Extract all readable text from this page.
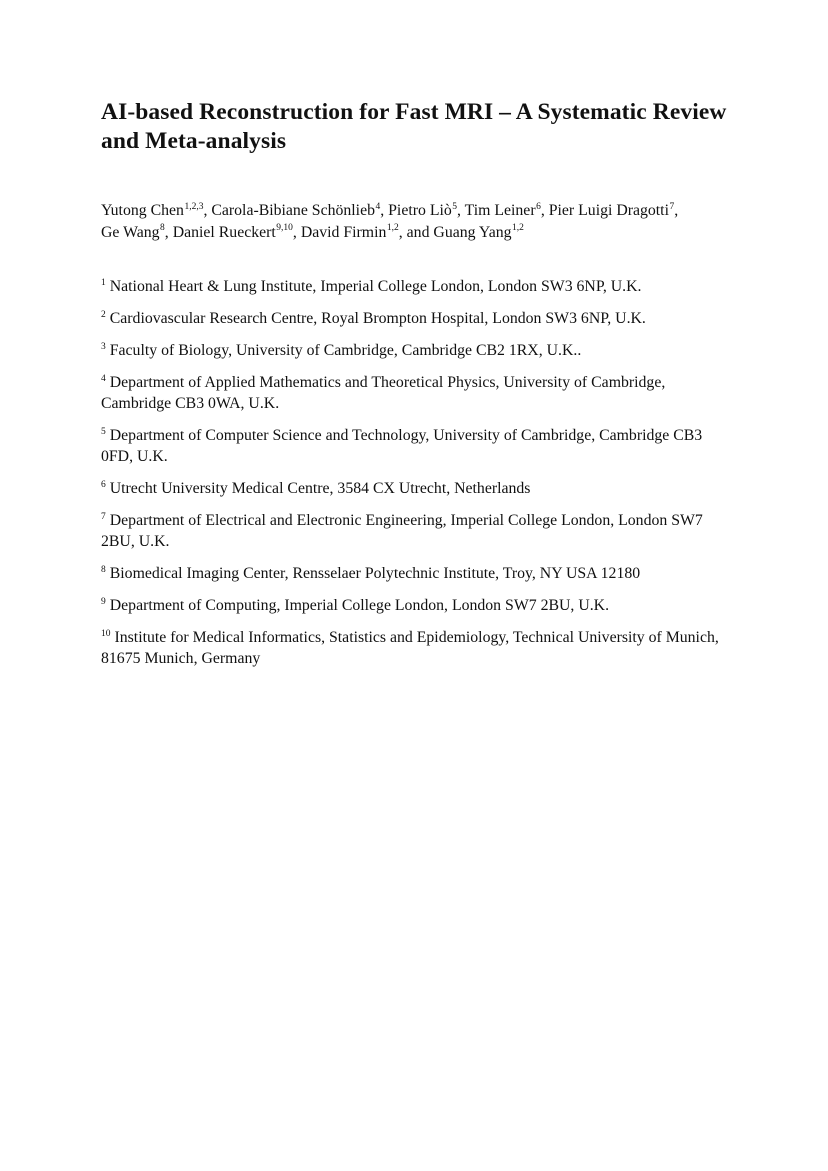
AI-based Reconstruction for Fast MRI – A Systematic Review and Meta-analysis

Yutong Chen$^{1,2,3}$, Carola-Bibiane Schönlieb$^4$, Pietro Liò$^5$, Tim Leiner$^6$, Pier Luigi Dragotti$^7$,
Ge Wang$^8$, Daniel Rueckert$^{9,10}$, David Firmin$^{1,2}$, and Guang Yang$^{1,2}$

$^1$ National Heart & Lung Institute, Imperial College London, London SW3 6NP, U.K.

$^2$ Cardiovascular Research Centre, Royal Brompton Hospital, London SW3 6NP, U.K.

$^3$ Faculty of Biology, University of Cambridge, Cambridge CB2 1RX, U.K..

$^4$ Department of Applied Mathematics and Theoretical Physics, University of Cambridge, Cambridge CB3 0WA, U.K.

$^5$ Department of Computer Science and Technology, University of Cambridge, Cambridge CB3 0FD, U.K.

$^6$ Utrecht University Medical Centre, 3584 CX Utrecht, Netherlands

$^7$ Department of Electrical and Electronic Engineering, Imperial College London, London SW7 2BU, U.K.

$^8$ Biomedical Imaging Center, Rensselaer Polytechnic Institute, Troy, NY USA 12180

$^9$ Department of Computing, Imperial College London, London SW7 2BU, U.K.

$^{10}$ Institute for Medical Informatics, Statistics and Epidemiology, Technical University of Munich, 81675 Munich, Germany
